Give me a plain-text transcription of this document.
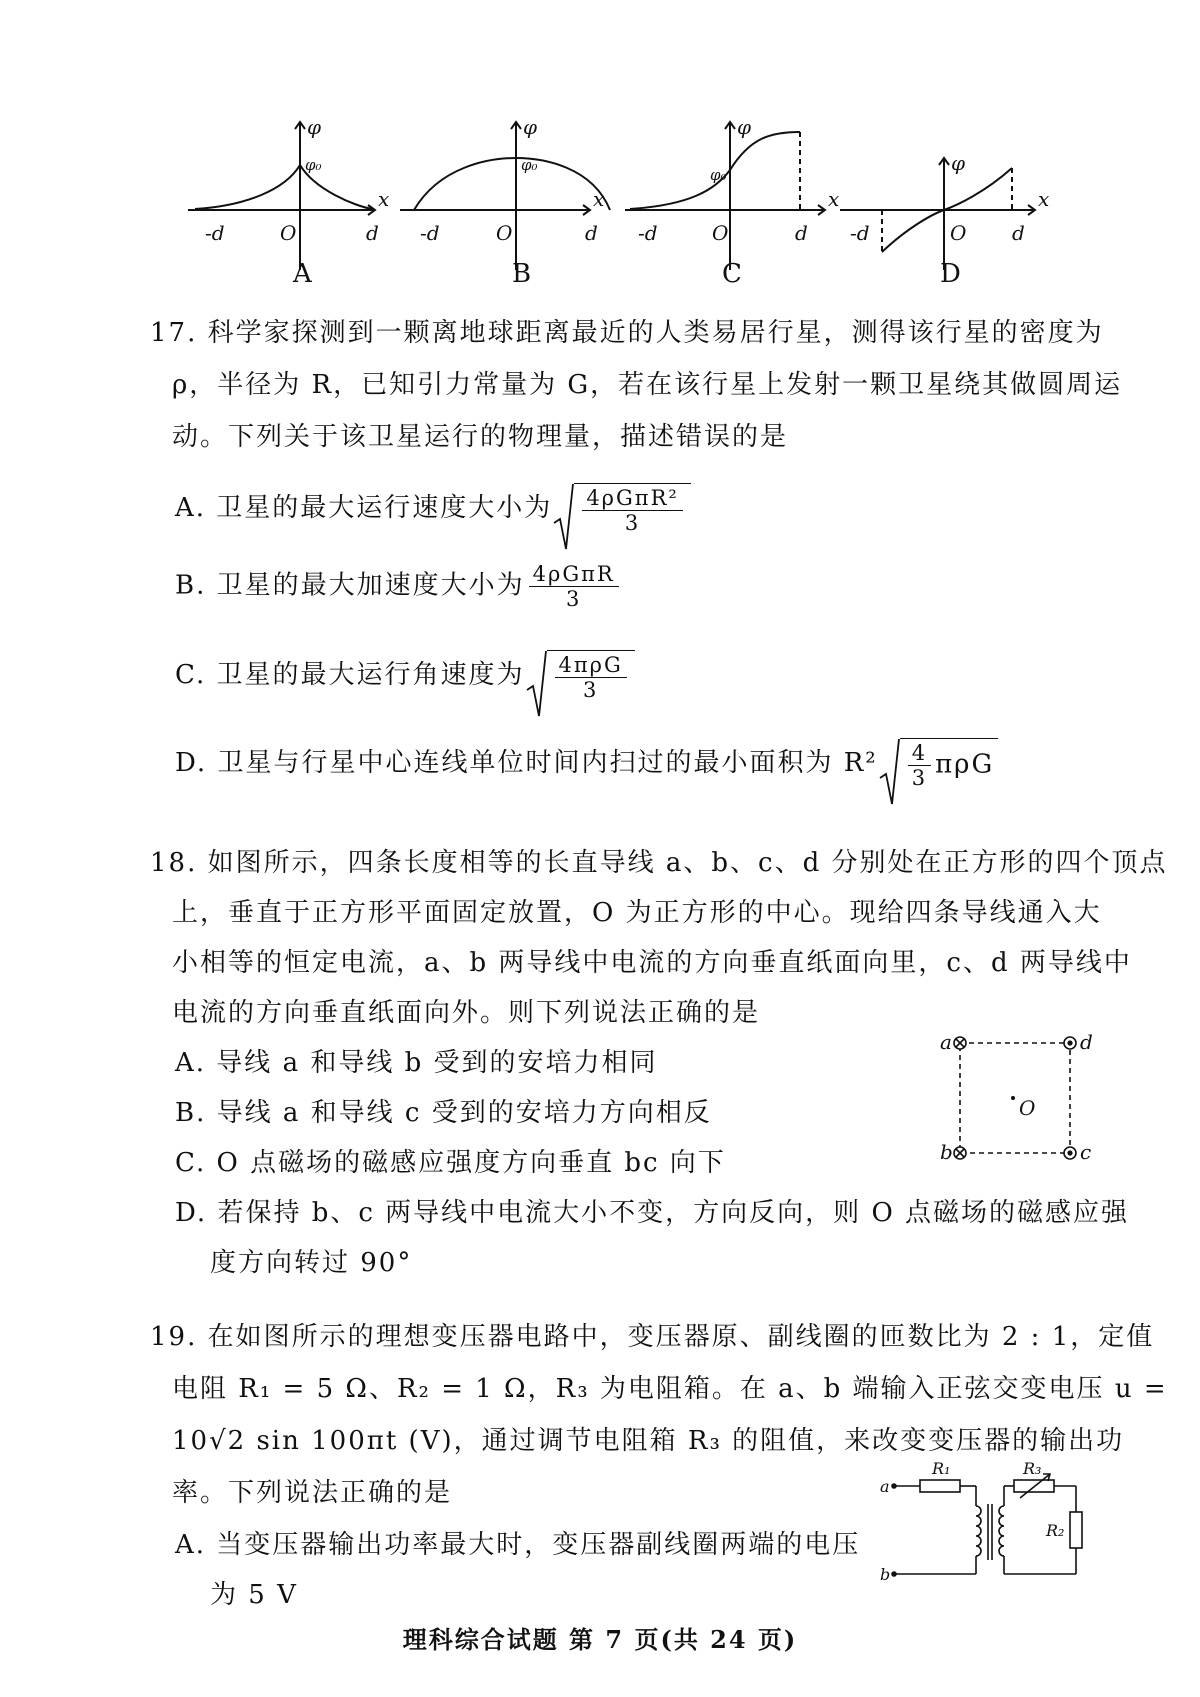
x
φ
φ₀
-d	O	d
x
φ
φ₀
-d	O	d
x
φ
φ₀
-d	O	d
x
φ
-d	O d
A	B	C	D
17. 科学家探测到一颗离地球距离最近的人类易居行星，测得该行星的密度为
ρ，半径为 R，已知引力常量为 G，若在该行星上发射一颗卫星绕其做圆周运
动。下列关于该卫星运行的物理量，描述错误的是
A. 卫星的最大运行速度大小为 $\frac{\text{4ρGπR²}}{3}$
B. 卫星的最大加速度大小为 $\frac{\text{4ρGπR}}{3}$
C. 卫星的最大运行角速度为 $\frac{\text{4πρG}}{3}$
D. 卫星与行星中心连线单位时间内扫过的最小面积为 $R^2 \frac{4}{3}$ πρG
18. 如图所示，四条长度相等的长直导线 a、b、c、d 分别处在正方形的四个顶点
上，垂直于正方形平面固定放置，O 为正方形的中心。现给四条导线通入大
小相等的恒定电流，a、b 两导线中电流的方向垂直纸面向里，c、d 两导线中
电流的方向垂直纸面向外。则下列说法正确的是
A. 导线 a 和导线 b 受到的安培力相同
B. 导线 a 和导线 c 受到的安培力方向相反
C. O 点磁场的磁感应强度方向垂直 bc 向下
D. 若保持 b、c 两导线中电流大小不变，方向反向，则 O 点磁场的磁感应强
度方向转过 90°
a
b	c
d
O
19. 在如图所示的理想变压器电路中，变压器原、副线圈的匝数比为 2 : 1，定值
电阻 R₁ = 5 Ω、R₂ = 1 Ω，R₃ 为电阻箱。在 a、b 端输入正弦交变电压 u =
10√2 sin 100πt (V)，通过调节电阻箱 R₃ 的阻值，来改变变压器的输出功
率。下列说法正确的是
A. 当变压器输出功率最大时，变压器副线圈两端的电压
为 5 V
a
b
R₁	R₃
R₂
理科综合试题 第 7 页(共 24 页)
